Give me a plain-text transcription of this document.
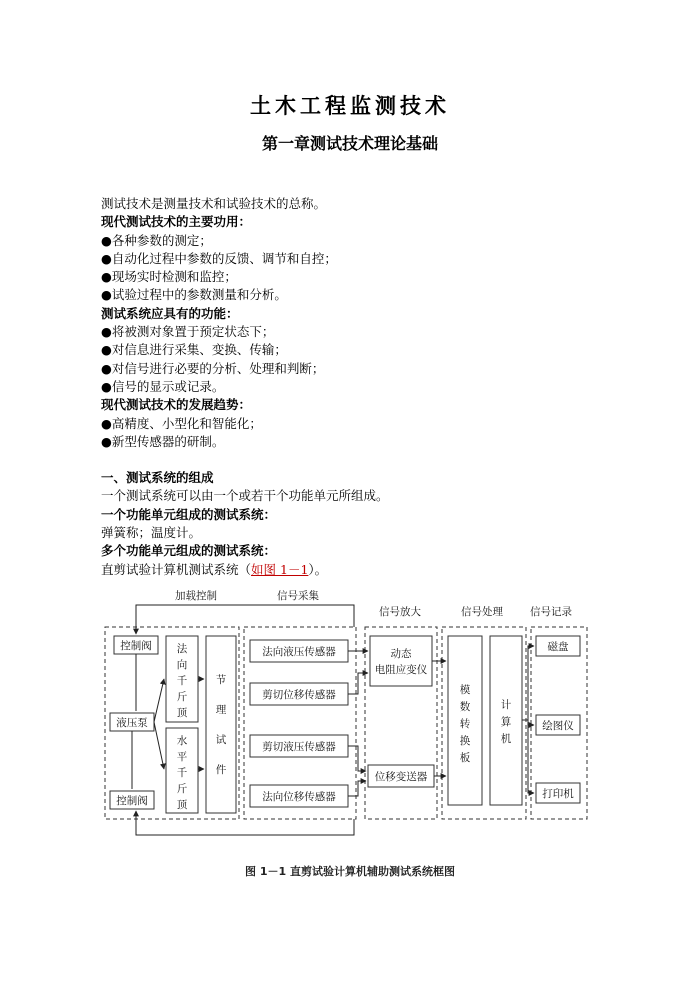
土木工程监测技术
第一章测试技术理论基础

测试技术是测量技术和试验技术的总称。

现代测试技术的主要功用：

●各种参数的测定；

●自动化过程中参数的反馈、调节和自控；

●现场实时检测和监控；

●试验过程中的参数测量和分析。

测试系统应具有的功能：

●将被测对象置于预定状态下；

●对信息进行采集、变换、传输；

●对信号进行必要的分析、处理和判断；

●信号的显示或记录。

现代测试技术的发展趋势：

●高精度、小型化和智能化；

●新型传感器的研制。

一、测试系统的组成

一个测试系统可以由一个或若干个功能单元所组成。

一个功能单元组成的测试系统：

弹簧称；温度计。

多个功能单元组成的测试系统：

直剪试验计算机测试系统（如图 1－1）。

加载控制	信号采集
信号放大	信号处理	信号记录
控制阀
液压泵
控制阀
法
向
千
斤
顶
水
平
千
斤
顶
节
理
试
件
法向液压传感器
剪切位移传感器
剪切液压传感器
法向位移传感器
动态
电阻应变仪
位移变送器
模
数
转
换
板
计
算
机
磁盘
绘图仪
打印机
图 1－1 直剪试验计算机辅助测试系统框图
